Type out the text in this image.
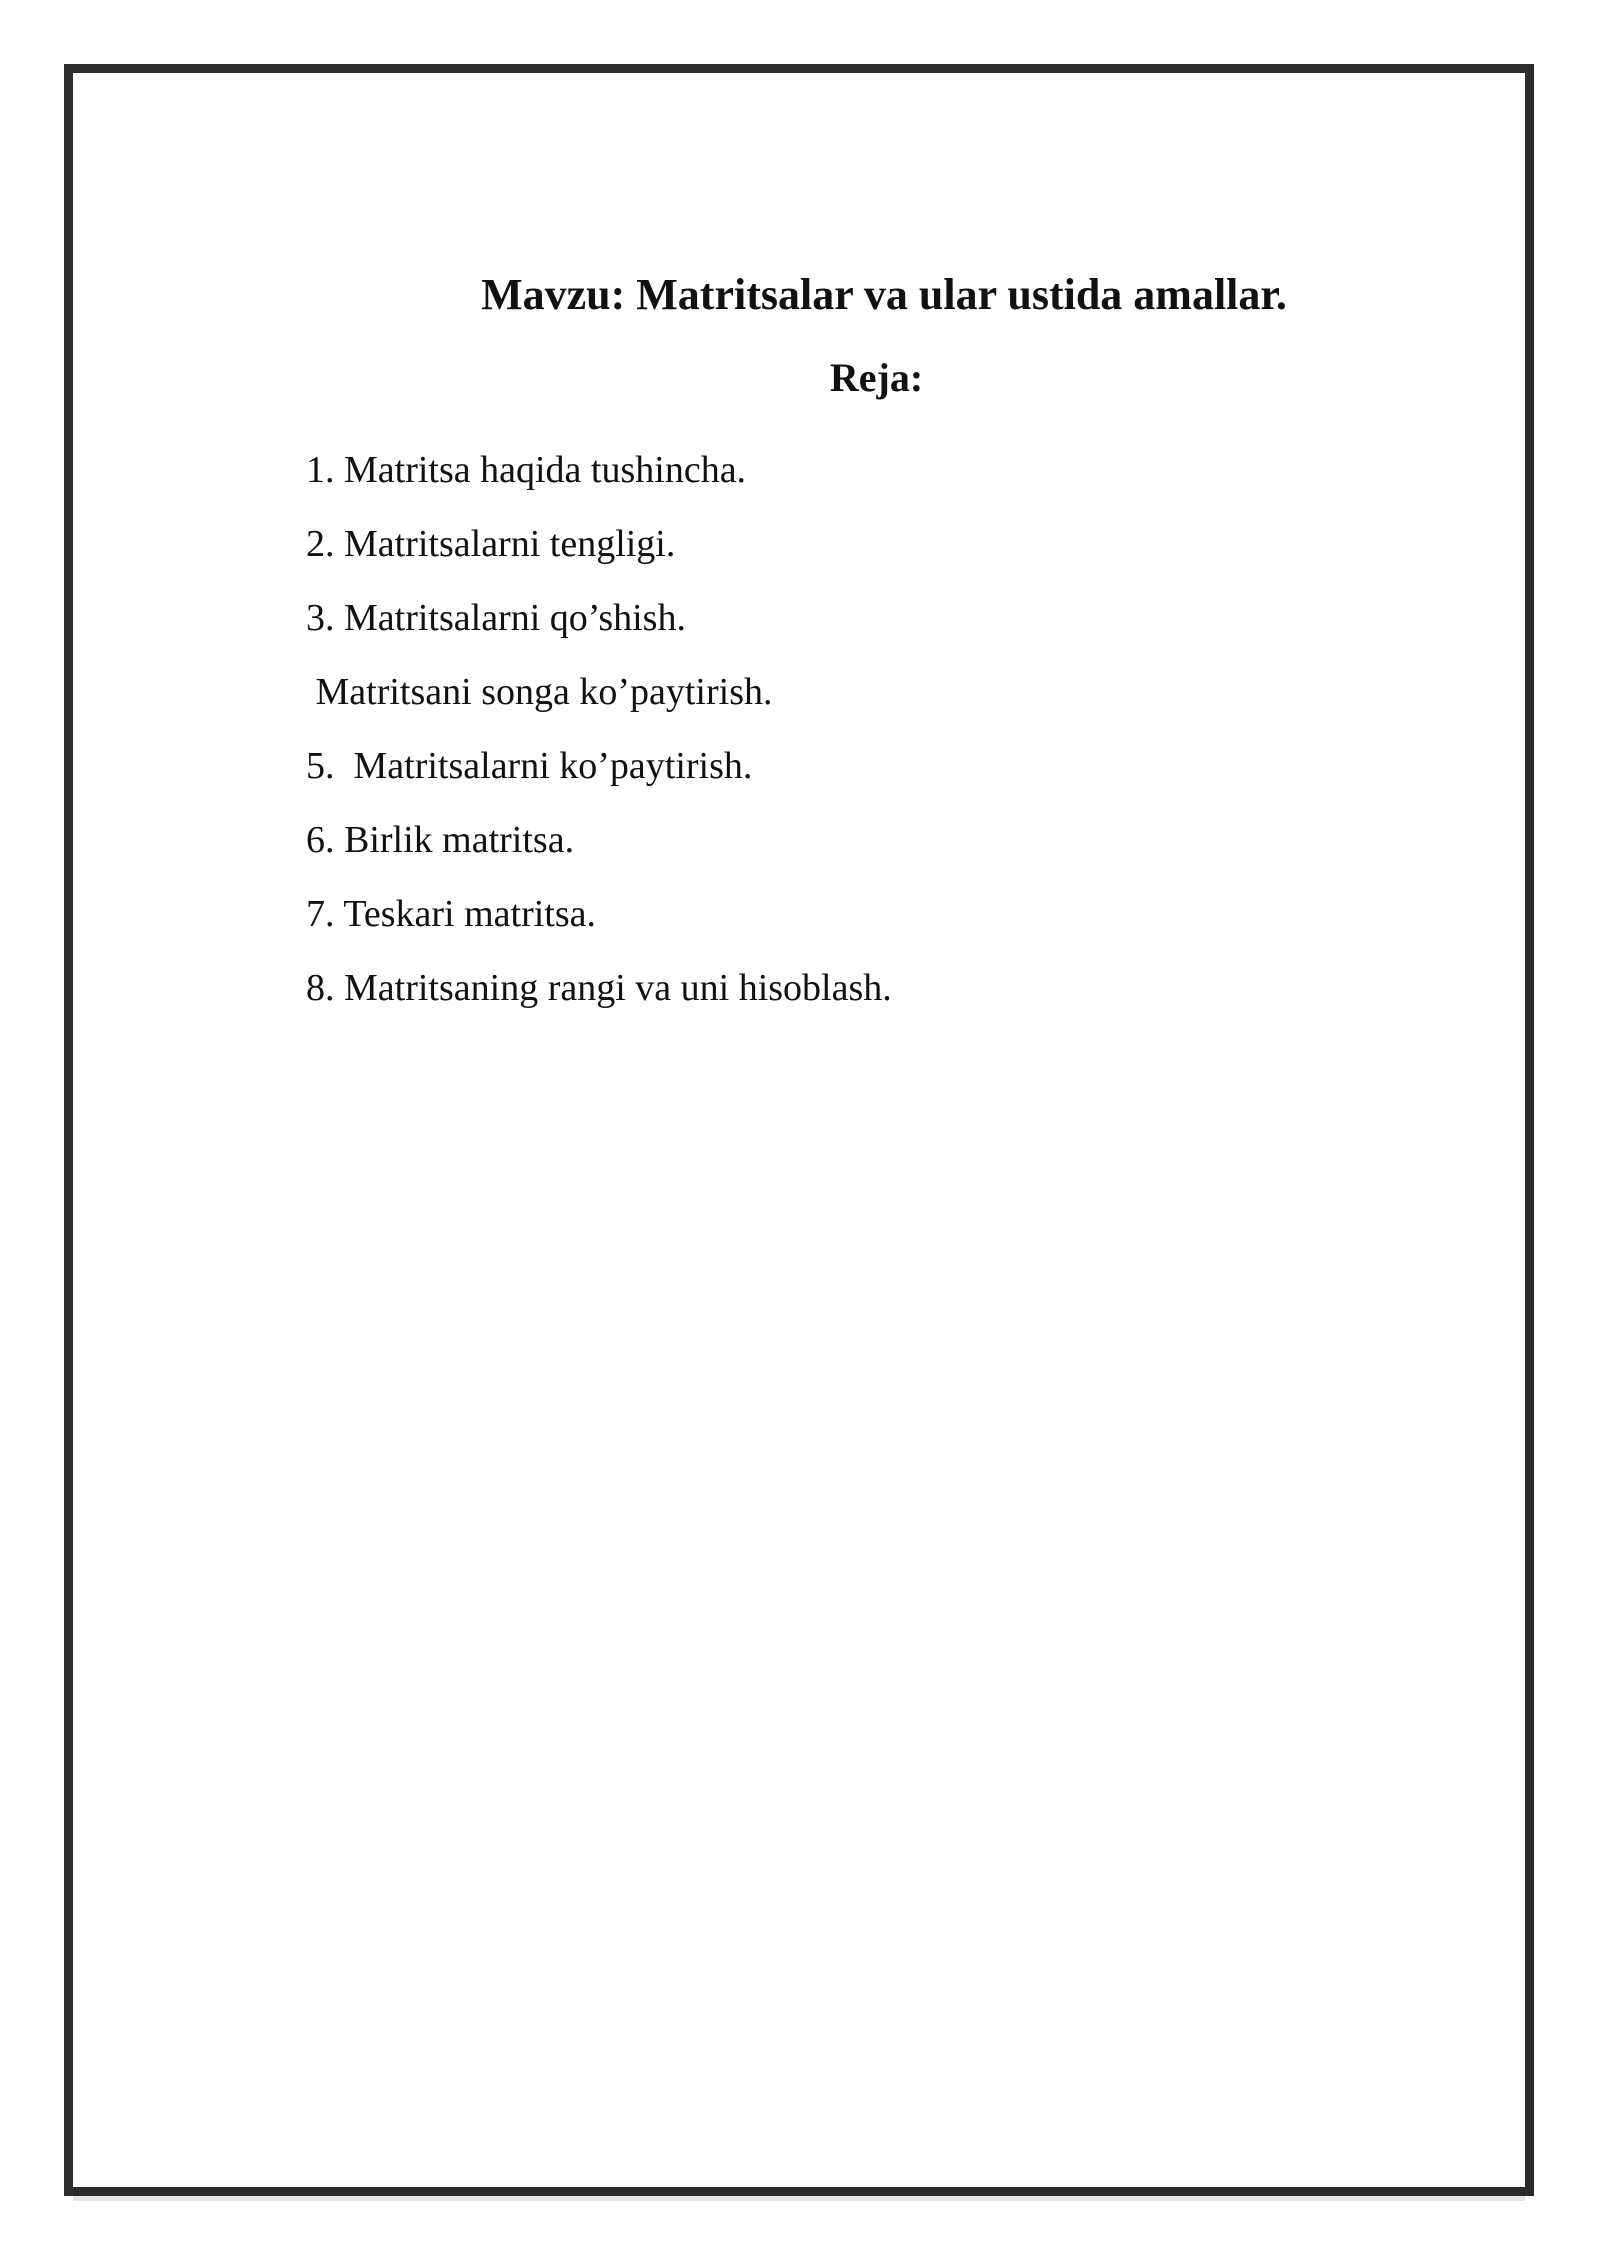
Mavzu: Matritsalar va ular ustida amallar.
Reja:
1. Matritsa haqida tushincha.
2. Matritsalarni tengligi.
3. Matritsalarni qo’shish.
Matritsani songa ko’paytirish.
5.  Matritsalarni ko’paytirish.
6. Birlik matritsa.
7. Teskari matritsa.
8. Matritsaning rangi va uni hisoblash.
